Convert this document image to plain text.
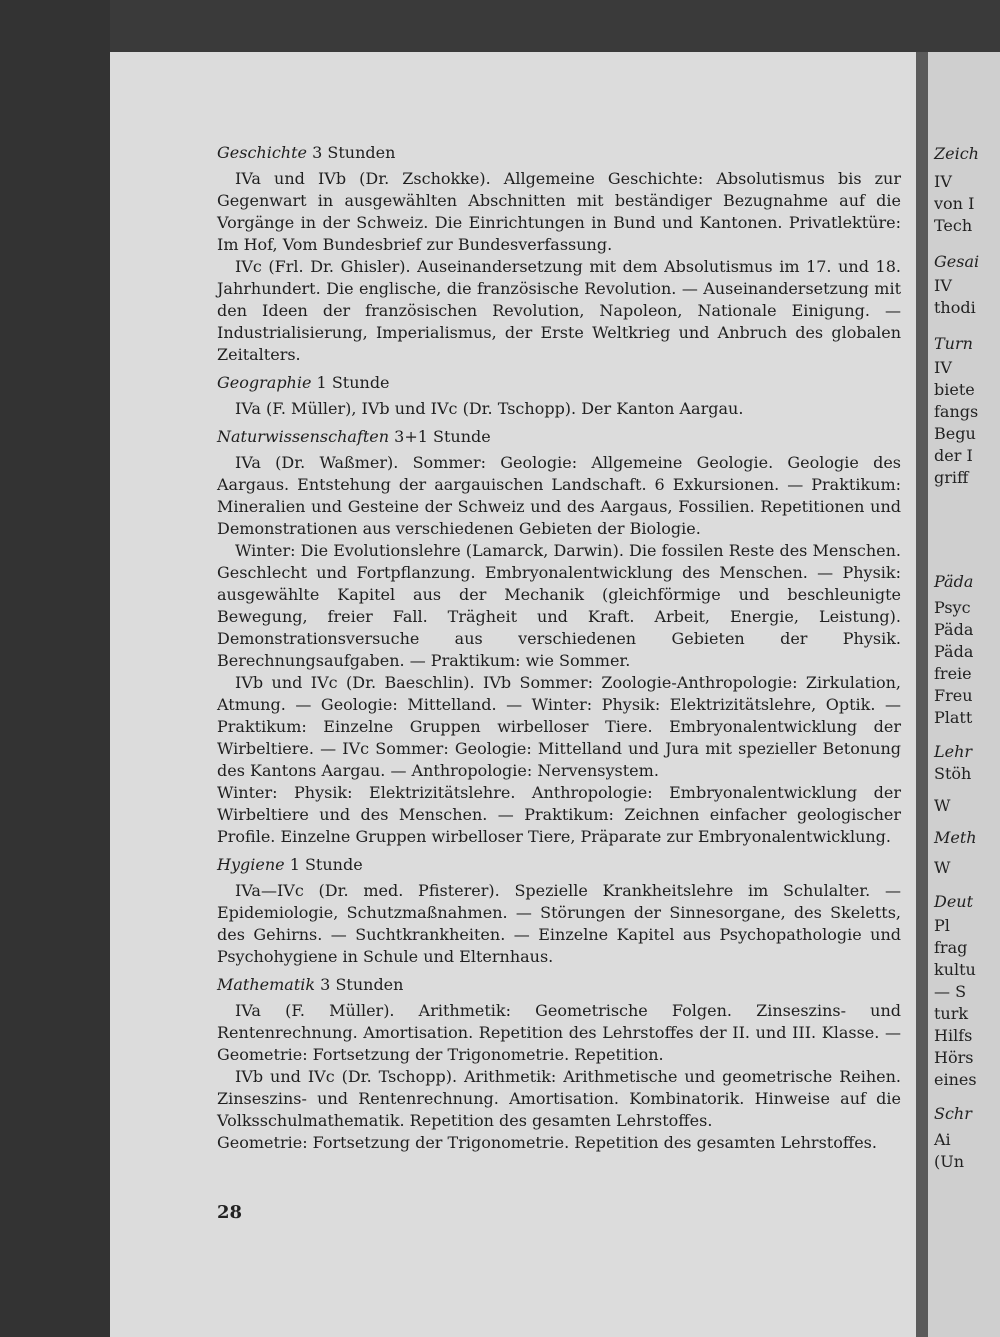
Geschichte 3 Stunden

IVa und IVb (Dr. Zschokke). Allgemeine Geschichte: Absolutismus bis zur Gegenwart in ausgewählten Abschnitten mit beständiger Bezugnahme auf die Vorgänge in der Schweiz. Die Einrichtungen in Bund und Kantonen. Privatlektüre: Im Hof, Vom Bundesbrief zur Bundesverfassung.

IVc (Frl. Dr. Ghisler). Auseinandersetzung mit dem Absolutismus im 17. und 18. Jahrhundert. Die englische, die französische Revolution. — Auseinandersetzung mit den Ideen der französischen Revolution, Napoleon, Nationale Einigung. — Industrialisierung, Imperialismus, der Erste Weltkrieg und Anbruch des globalen Zeitalters.

Geographie 1 Stunde

IVa (F. Müller), IVb und IVc (Dr. Tschopp). Der Kanton Aargau.

Naturwissenschaften 3+1 Stunde

IVa (Dr. Waßmer). Sommer: Geologie: Allgemeine Geologie. Geologie des Aargaus. Entstehung der aargauischen Landschaft. 6 Exkursionen. — Praktikum: Mineralien und Gesteine der Schweiz und des Aargaus, Fossilien. Repetitionen und Demonstrationen aus verschiedenen Gebieten der Biologie.

Winter: Die Evolutionslehre (Lamarck, Darwin). Die fossilen Reste des Menschen. Geschlecht und Fortpflanzung. Embryonalentwicklung des Menschen. — Physik: ausgewählte Kapitel aus der Mechanik (gleichförmige und beschleunigte Bewegung, freier Fall. Trägheit und Kraft. Arbeit, Energie, Leistung). Demonstrationsversuche aus verschiedenen Gebieten der Physik. Berechnungsaufgaben. — Praktikum: wie Sommer.

IVb und IVc (Dr. Baeschlin). IVb Sommer: Zoologie-Anthropologie: Zirkulation, Atmung. — Geologie: Mittelland. — Winter: Physik: Elektrizitätslehre, Optik. — Praktikum: Einzelne Gruppen wirbelloser Tiere. Embryonalentwicklung der Wirbeltiere. — IVc Sommer: Geologie: Mittelland und Jura mit spezieller Betonung des Kantons Aargau. — Anthropologie: Nervensystem.

Winter: Physik: Elektrizitätslehre. Anthropologie: Embryonalentwicklung der Wirbeltiere und des Menschen. — Praktikum: Zeichnen einfacher geologischer Profile. Einzelne Gruppen wirbelloser Tiere, Präparate zur Embryonalentwicklung.

Hygiene 1 Stunde

IVa—IVc (Dr. med. Pfisterer). Spezielle Krankheitslehre im Schulalter. — Epidemiologie, Schutzmaßnahmen. — Störungen der Sinnesorgane, des Skeletts, des Gehirns. — Suchtkrankheiten. — Einzelne Kapitel aus Psychopathologie und Psychohygiene in Schule und Elternhaus.

Mathematik 3 Stunden

IVa (F. Müller). Arithmetik: Geometrische Folgen. Zinseszins- und Rentenrechnung. Amortisation. Repetition des Lehrstoffes der II. und III. Klasse. — Geometrie: Fortsetzung der Trigonometrie. Repetition.

IVb und IVc (Dr. Tschopp). Arithmetik: Arithmetische und geometrische Reihen. Zinseszins- und Rentenrechnung. Amortisation. Kombinatorik. Hinweise auf die Volksschulmathematik. Repetition des gesamten Lehrstoffes.

Geometrie: Fortsetzung der Trigonometrie. Repetition des gesamten Lehrstoffes.

28
Zeich
IV
von I
Tech
Gesai
IV
thodi
Turn
IV
biete
fangs
Begu
der I
griff
Päda
Psyc
Päda
Päda
freie
Freu
Platt
Lehr
Stöh
W
Meth
W
Deut
Pl
frag
kultu
— S
turk
Hilfs
Hörs
eines
Schr
Ai
(Un
